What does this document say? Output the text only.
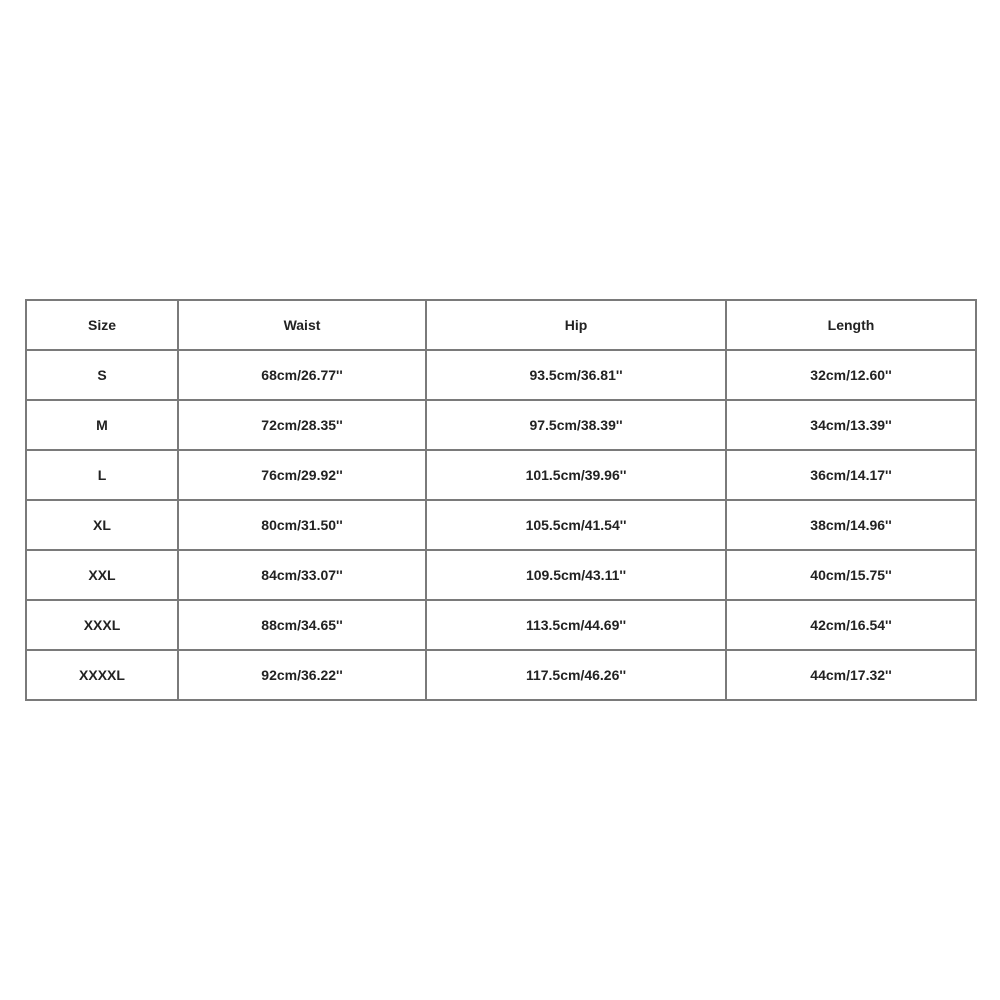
Size	Waist	Hip	Length
S	68cm/26.77''	93.5cm/36.81''	32cm/12.60''
M	72cm/28.35''	97.5cm/38.39''	34cm/13.39''
L	76cm/29.92''	101.5cm/39.96''	36cm/14.17''
XL	80cm/31.50''	105.5cm/41.54''	38cm/14.96''
XXL	84cm/33.07''	109.5cm/43.11''	40cm/15.75''
XXXL	88cm/34.65''	113.5cm/44.69''	42cm/16.54''
XXXXL	92cm/36.22''	117.5cm/46.26''	44cm/17.32''
